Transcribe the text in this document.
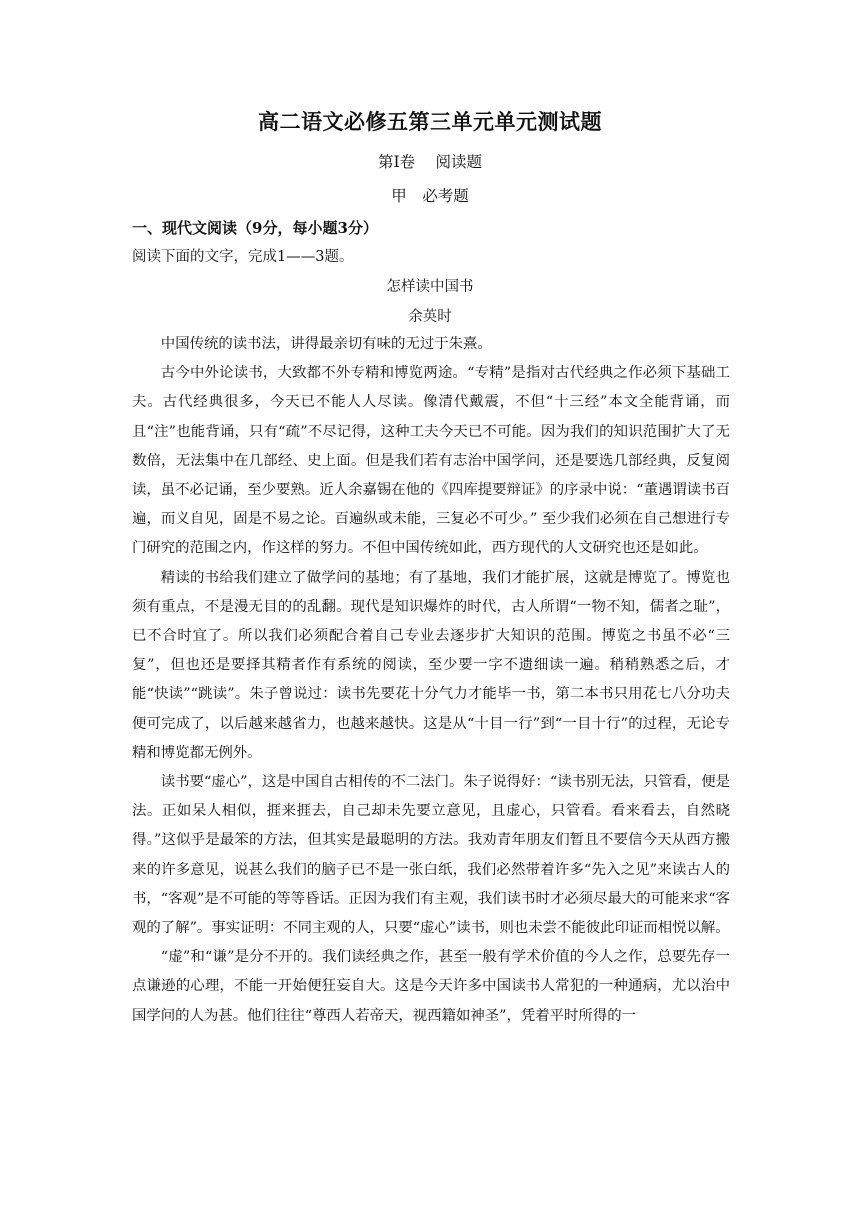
高二语文必修五第三单元单元测试题
第Ⅰ卷　 阅读题
甲　必考题
一、现代文阅读（9分，每小题3分）
阅读下面的文字，完成1——3题。
怎样读中国书
余英时

中国传统的读书法，讲得最亲切有味的无过于朱熹。

古今中外论读书，大致都不外专精和博览两途。“专精”是指对古代经典之作必须下基础工夫。古代经典很多，今天已不能人人尽读。像清代戴震，不但“十三经”本文全能背诵，而且“注”也能背诵，只有“疏”不尽记得，这种工夫今天已不可能。因为我们的知识范围扩大了无数倍，无法集中在几部经、史上面。但是我们若有志治中国学问，还是要选几部经典，反复阅读，虽不必记诵，至少要熟。近人余嘉锡在他的《四库提要辩证》的序录中说：“董遇谓读书百遍，而义自见，固是不易之论。百遍纵或未能，三复必不可少。” 至少我们必须在自己想进行专门研究的范围之内，作这样的努力。不但中国传统如此，西方现代的人文研究也还是如此。

精读的书给我们建立了做学问的基地；有了基地，我们才能扩展，这就是博览了。博览也须有重点，不是漫无目的的乱翻。现代是知识爆炸的时代，古人所谓“一物不知，儒者之耻”，已不合时宜了。所以我们必须配合着自己专业去逐步扩大知识的范围。博览之书虽不必“三复”，但也还是要择其精者作有系统的阅读，至少要一字不遗细读一遍。稍稍熟悉之后，才能“快读”“跳读”。朱子曾说过：读书先要花十分气力才能毕一书，第二本书只用花七八分功夫便可完成了，以后越来越省力，也越来越快。这是从“十目一行”到“一目十行”的过程，无论专精和博览都无例外。

读书要“虚心”，这是中国自古相传的不二法门。朱子说得好：“读书别无法，只管看，便是法。正如呆人相似，捱来捱去，自己却未先要立意见，且虚心，只管看。看来看去，自然晓得。”这似乎是最笨的方法，但其实是最聪明的方法。我劝青年朋友们暂且不要信今天从西方搬来的许多意见，说甚么我们的脑子已不是一张白纸，我们必然带着许多“先入之见”来读古人的书，“客观”是不可能的等等昏话。正因为我们有主观，我们读书时才必须尽最大的可能来求“客观的了解”。事实证明：不同主观的人，只要“虚心”读书，则也未尝不能彼此印证而相悦以解。

“虚”和“谦”是分不开的。我们读经典之作，甚至一般有学术价值的今人之作，总要先存一点谦逊的心理，不能一开始便狂妄自大。这是今天许多中国读书人常犯的一种通病，尤以治中国学问的人为甚。他们往往“尊西人若帝天，视西籍如神圣”，凭着平时所得的一
